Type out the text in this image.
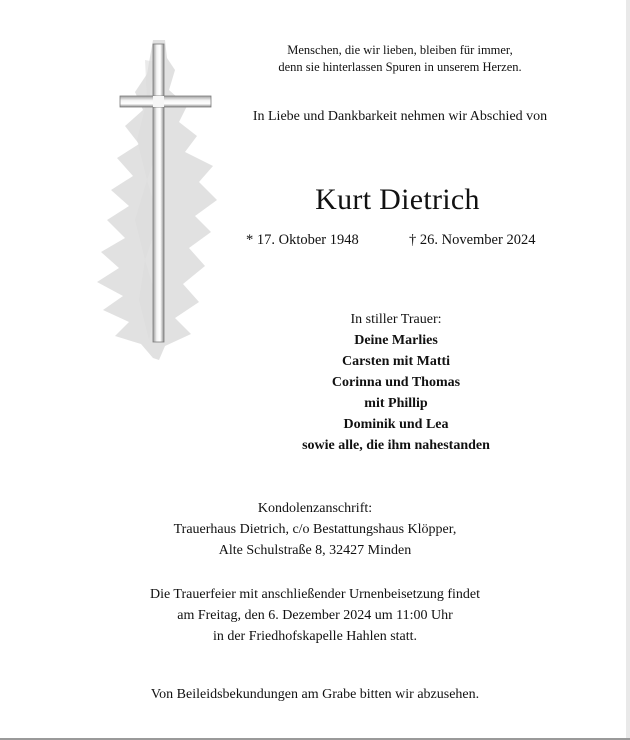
Menschen, die wir lieben, bleiben für immer,
denn sie hinterlassen Spuren in unserem Herzen.
In Liebe und Dankbarkeit nehmen wir Abschied von
Kurt Dietrich
* 17. Oktober 1948	† 26. November 2024
In stiller Trauer:
Deine Marlies
Carsten mit Matti
Corinna und Thomas
mit Phillip
Dominik und Lea
sowie alle, die ihm nahestanden
Kondolenzanschrift:
Trauerhaus Dietrich, c/o Bestattungshaus Klöpper,
Alte Schulstraße 8, 32427 Minden
Die Trauerfeier mit anschließender Urnenbeisetzung findet
am Freitag, den 6. Dezember 2024 um 11:00 Uhr
in der Friedhofskapelle Hahlen statt.
Von Beileidsbekundungen am Grabe bitten wir abzusehen.
